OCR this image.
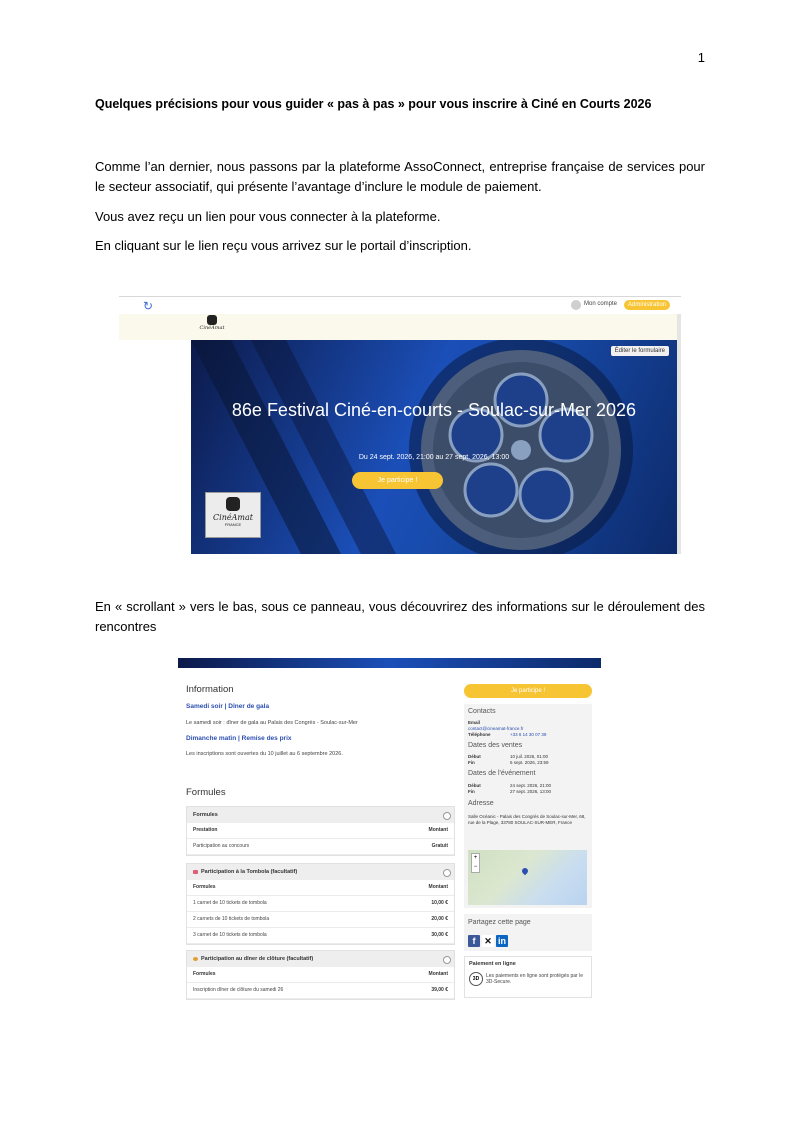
1
Quelques précisions pour vous guider « pas à pas » pour vous inscrire à Ciné en Courts 2026

Comme l’an dernier, nous passons par la plateforme AssoConnect, entreprise française de services pour le secteur associatif, qui présente l’avantage d’inclure le module de paiement.

Vous avez reçu un lien pour vous connecter à la plateforme.

En cliquant sur le lien reçu vous arrivez sur le portail d’inscription.

↻	Mon compte	Administration
CinéAmat
Éditer le formulaire
86e Festival Ciné-en-courts - Soulac-sur-Mer 2026
Du 24 sept. 2026, 21:00 au 27 sept. 2026, 13:00
Je participe !
CinéAmat
FRANCE

En « scrollant » vers le bas, sous ce panneau, vous découvrirez des informations sur le déroulement des rencontres

Information
Samedi soir | Dîner de gala
Le samedi soir : dîner de gala au Palais des Congrès - Soulac-sur-Mer
Dimanche matin | Remise des prix
Les inscriptions sont ouvertes du 10 juillet au 6 septembre 2026.
Formules
Formules
Prestation	Montant
Participation au concours	Gratuit
Participation à la Tombola (facultatif)
Formules	Montant
1 carnet de 10 tickets de tombola	10,00 €
2 carnets de 10 tickets de tombola	20,00 €
3 carnet de 10 tickets de tombola	30,00 €
Participation au dîner de clôture (facultatif)
Formules	Montant
Inscription dîner de clôture du samedi 26	39,00 €
Je participe !
Contacts
Email
contact@cineamat-france.fr
Téléphone	+33 6 14 30 07 39
Dates des ventes
Début	10 juil. 2026, 01:00
Fin	6 sept. 2026, 23:59
Dates de l'événement
Début	24 sept. 2026, 21:00
Fin	27 sept. 2026, 13:00
Adresse
Salle Océanic - Palais des Congrès de Soulac-sur-Mer, 68, rue de la Plage, 33780 SOULAC-SUR-MER, France
+
−
Partagez cette page
f ✕ in
Paiement en ligne
3D	Les paiements en ligne sont protégés par le 3D-Secure.
